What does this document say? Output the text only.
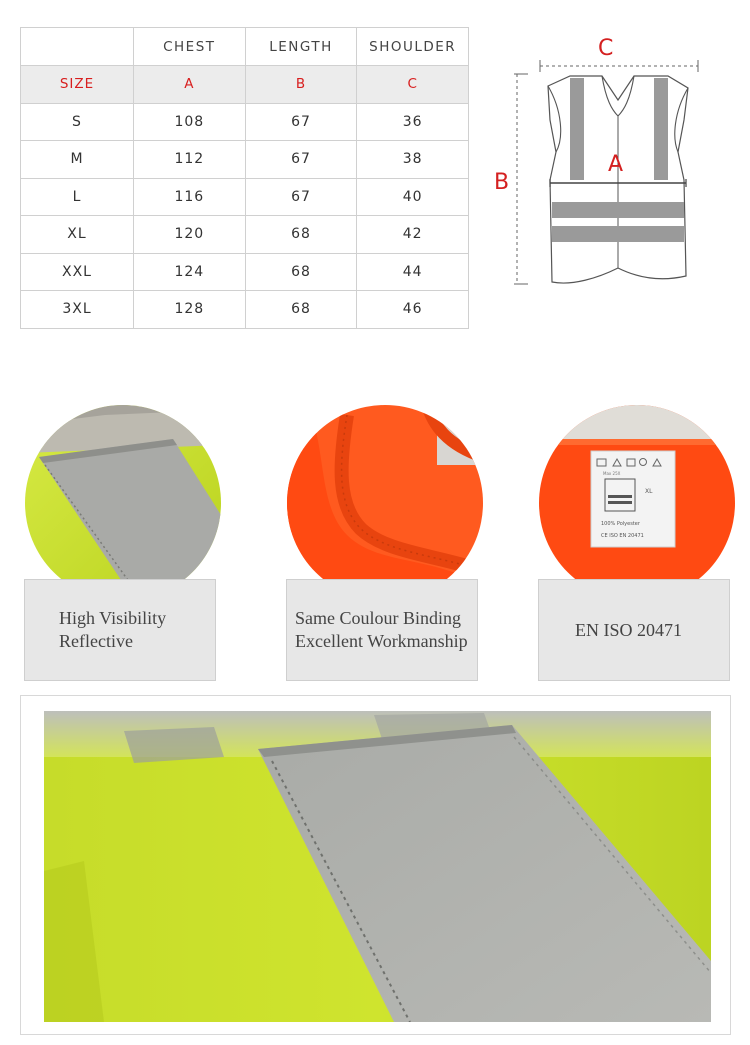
	CHEST	LENGTH	SHOULDER
SIZE	A	B	C
S	108	67	36
M	112	67	38
L	116	67	40
XL	120	68	42
XXL	124	68	44
3XL	128	68	46
C
A
B
High Visibility
Reflective
Same Coulour Binding
Excellent Workmanship
XL
Max 25X
100% Polyester
CE ISO EN 20471
EN ISO 20471
